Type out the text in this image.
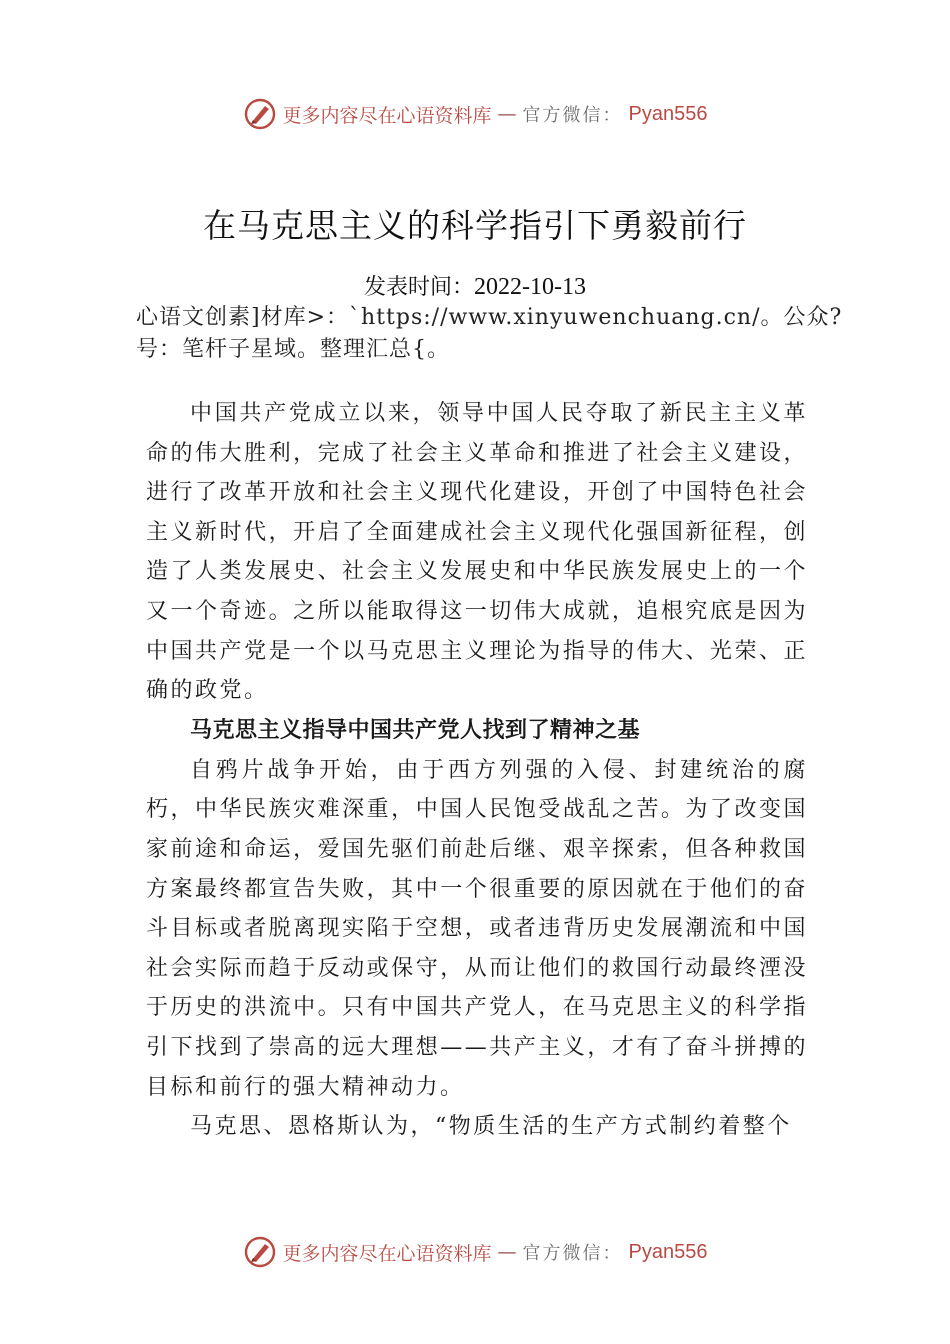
更多内容尽在心语资料库 — 官方微信： Pyan556
在马克思主义的科学指引下勇毅前行
发表时间：2022-10-13
心语文创素]材库>：`https://www.xinyuwenchuang.cn/。公众?号：笔杆子星域。整理汇总{。

中国共产党成立以来，领导中国人民夺取了新民主主义革命的伟大胜利，完成了社会主义革命和推进了社会主义建设，进行了改革开放和社会主义现代化建设，开创了中国特色社会主义新时代，开启了全面建成社会主义现代化强国新征程，创造了人类发展史、社会主义发展史和中华民族发展史上的一个又一个奇迹。之所以能取得这一切伟大成就，追根究底是因为中国共产党是一个以马克思主义理论为指导的伟大、光荣、正确的政党。

马克思主义指导中国共产党人找到了精神之基

自鸦片战争开始，由于西方列强的入侵、封建统治的腐朽，中华民族灾难深重，中国人民饱受战乱之苦。为了改变国家前途和命运，爱国先驱们前赴后继、艰辛探索，但各种救国方案最终都宣告失败，其中一个很重要的原因就在于他们的奋斗目标或者脱离现实陷于空想，或者违背历史发展潮流和中国社会实际而趋于反动或保守，从而让他们的救国行动最终湮没于历史的洪流中。只有中国共产党人，在马克思主义的科学指引下找到了崇高的远大理想——共产主义，才有了奋斗拼搏的目标和前行的强大精神动力。

马克思、恩格斯认为，“物质生活的生产方式制约着整个

更多内容尽在心语资料库 — 官方微信： Pyan556
